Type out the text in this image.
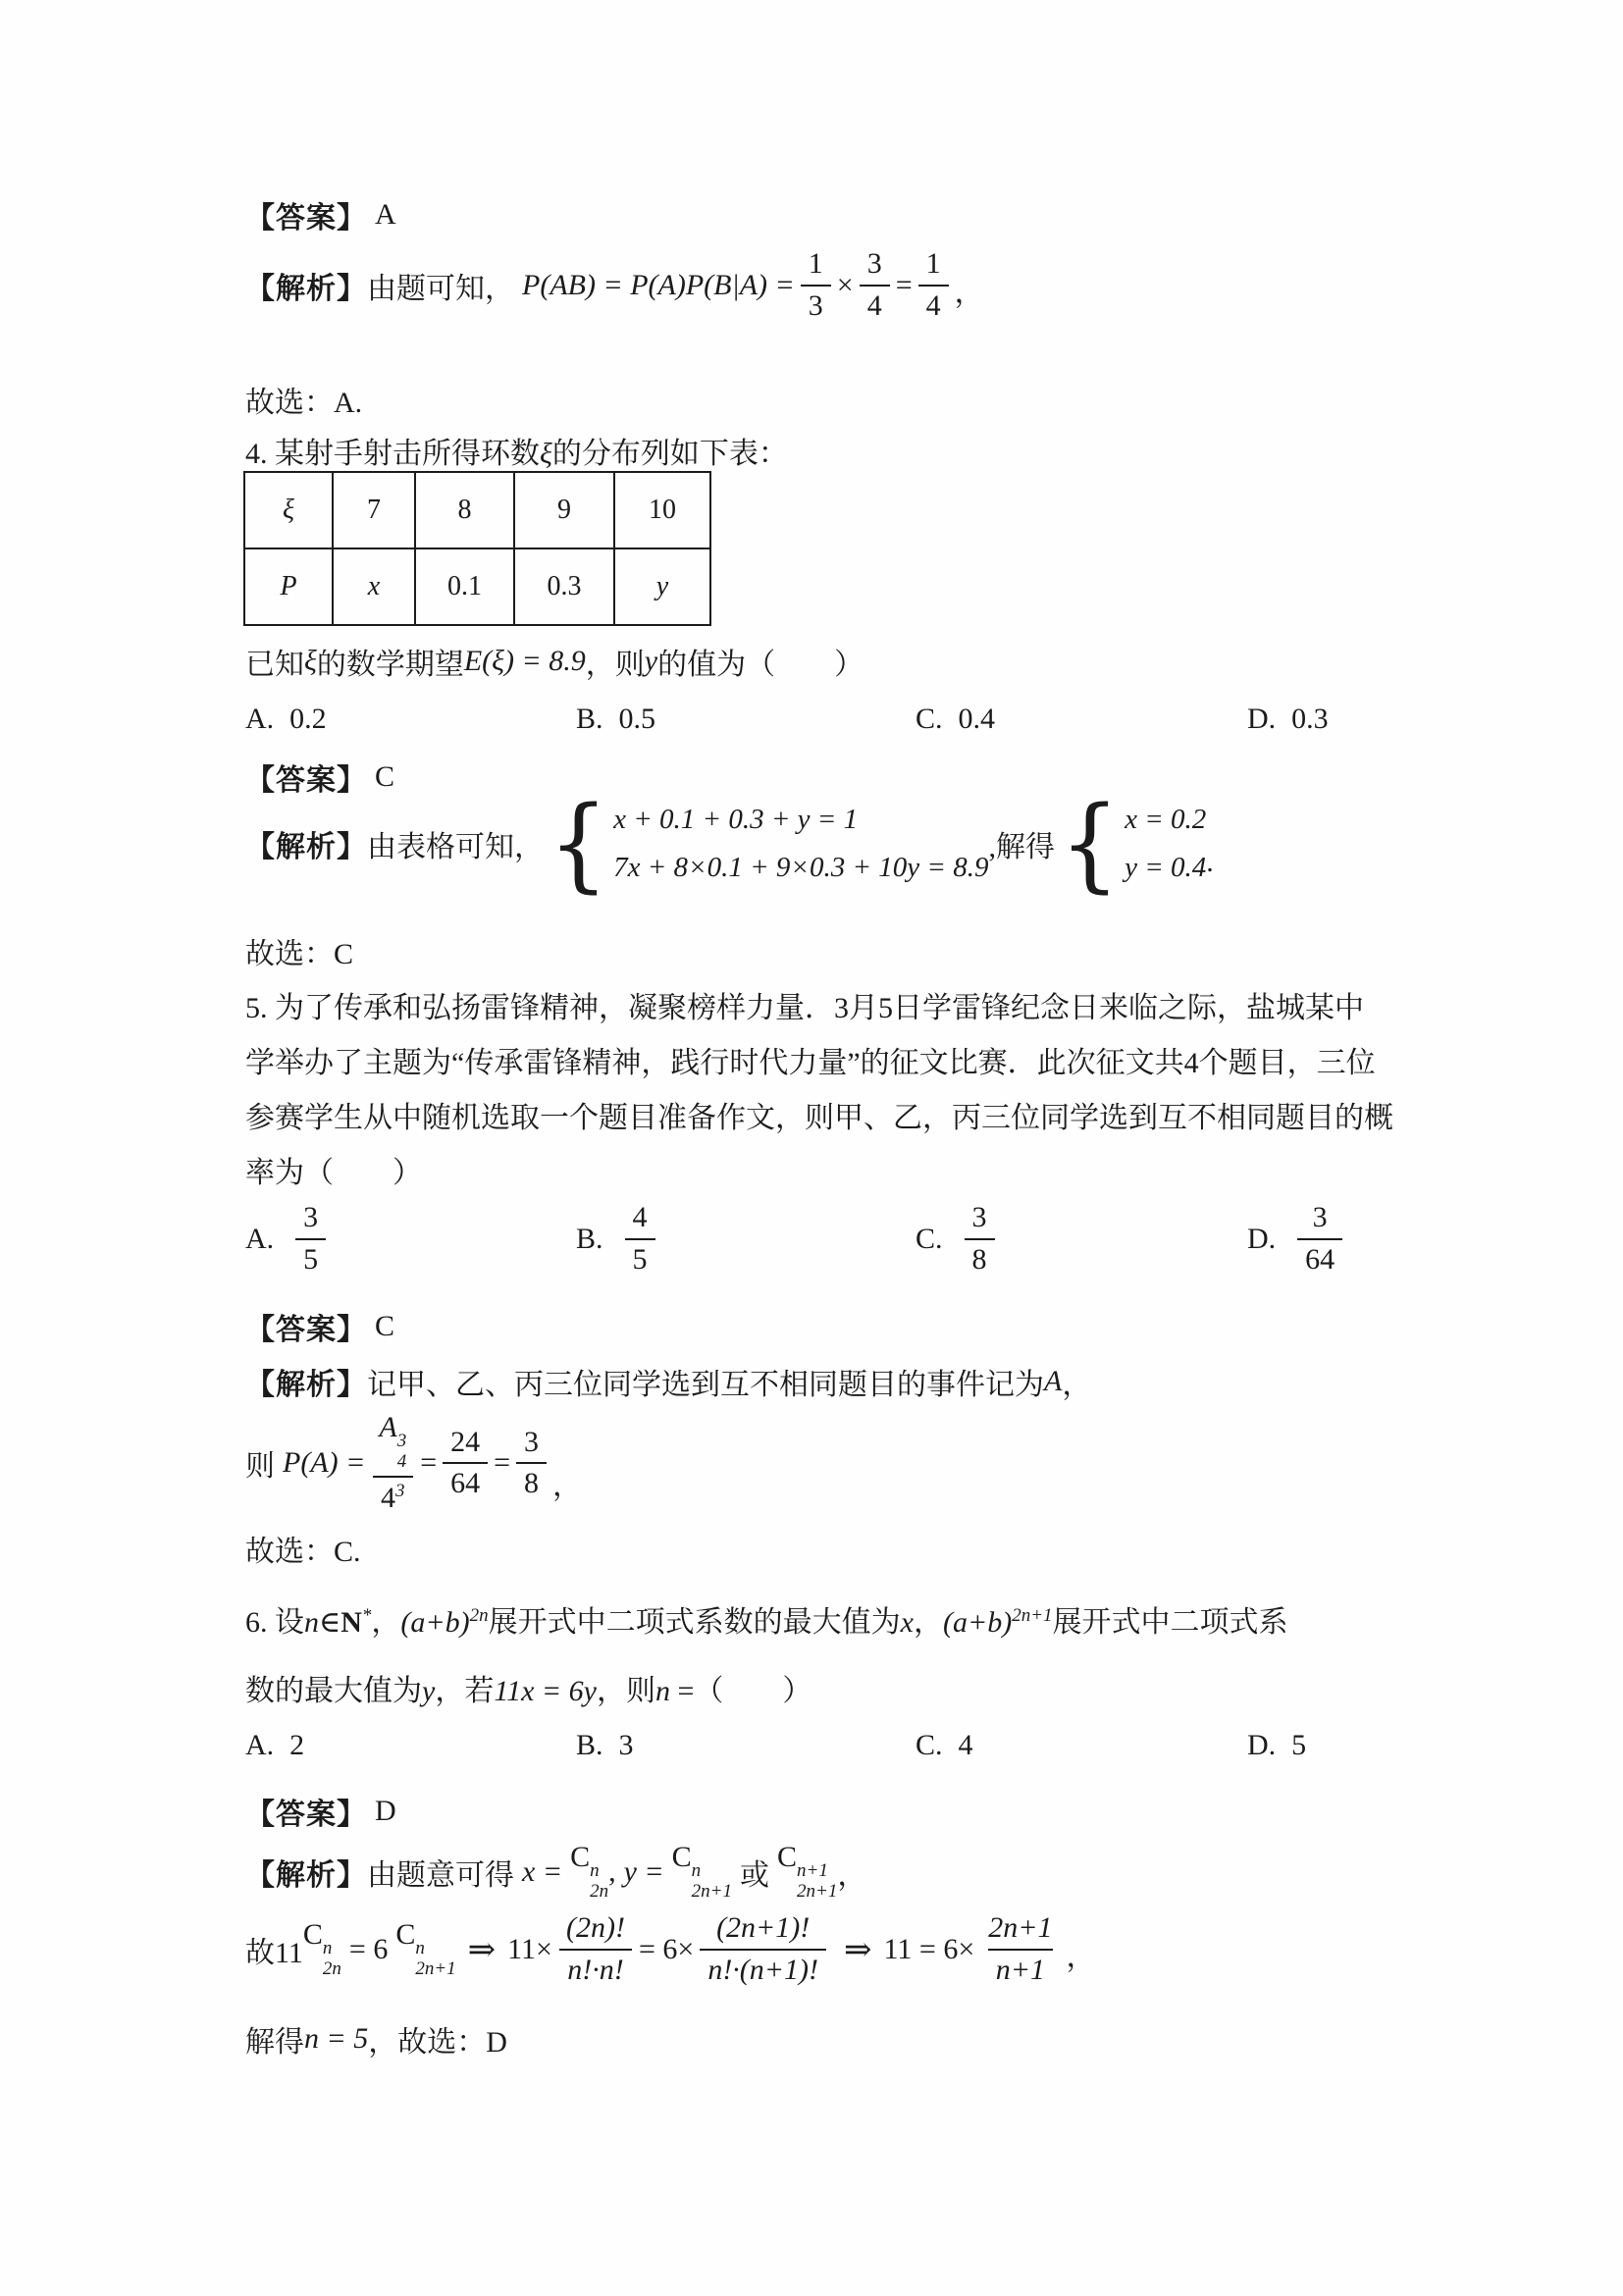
【答案】 A
【解析】 由题可知， $P(AB) = P(A)P(B|A) = \frac{1}{3} \times \frac{3}{4} = \frac{1}{4}$ ，
故选：A.
4. 某射手射击所得环数ξ的分布列如下表：
ξ	7	8	9	10
P	x	0.1	0.3	y
已知 ξ 的数学期望 E(ξ) = 8.9 ，则 y 的值为（　　）
A. 0.2	B. 0.5	C. 0.4	D. 0.3
【答案】 C
【解析】 由表格可知， { x + 0.1 + 0.3 + y = 1
7x + 8×0.1 + 9×0.3 + 10y = 8.9
,解得 { x = 0.2
y = 0.4 .
故选：C
5. 为了传承和弘扬雷锋精神，凝聚榜样力量．3月5日学雷锋纪念日来临之际，盐城某中
学举办了主题为“传承雷锋精神，践行时代力量”的征文比赛．此次征文共4个题目，三位
参赛学生从中随机选取一个题目准备作文，则甲、乙，丙三位同学选到互不相同题目的概
率为（　　）
A. $\frac{3}{5}$	B. $\frac{4}{5}$	C. $\frac{3}{8}$	D. $\frac{3}{64}$
【答案】 C
【解析】 记甲、乙、丙三位同学选到互不相同题目的事件记为 A ，
则 P(A) = A 3
4
$4^3 = \frac{24}{64} = \frac{3}{8}$ ，
故选：C.
6. 设n∈N*，$(a+b)^{2n}$展开式中二项式系数的最大值为x，$(a+b)^{2n+1}$展开式中二项式系
数的最大值为y，若11x = 6y，则n =（　　）
A. 2	B. 3	C. 4	D. 5
【答案】 D
【解析】 由题意可得 x = C n
2n
, y = C n
2n+1
或
C n+1
2n+1
，
故11
C n
2n
= 6 C n
2n+1
⇒ $11\times \frac{(2n)!}{n!\cdot n!} = 6\times \frac{(2n+1)!}{n!\cdot(n+1)!}$ ⇒ $11 = 6\times \frac{2n+1}{n+1}$ ，
解得 n = 5 ，故选：D
